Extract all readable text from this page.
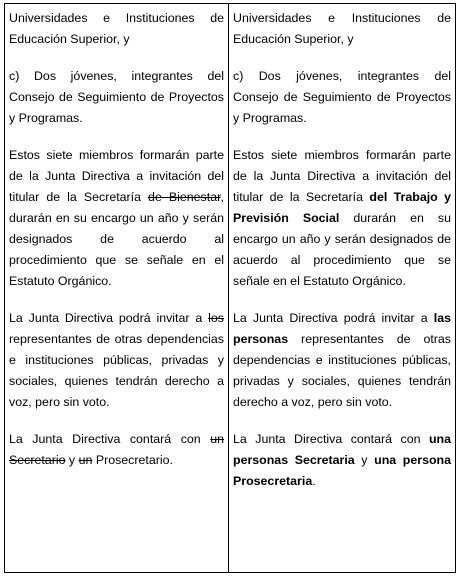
Universidades e Instituciones de Educación Superior, y

c) Dos jóvenes, integrantes del Consejo de Seguimiento de Proyectos y Programas.

Estos siete miembros formarán parte de la Junta Directiva a invitación del titular de la Secretaría de Bienestar, durarán en su encargo un año y serán designados de acuerdo al procedimiento que se señale en el Estatuto Orgánico.

La Junta Directiva podrá invitar a los representantes de otras dependencias e instituciones públicas, privadas y sociales, quienes tendrán derecho a voz, pero sin voto.

La Junta Directiva contará con un Secretario y un Prosecretario.

Universidades e Instituciones de Educación Superior, y

c) Dos jóvenes, integrantes del Consejo de Seguimiento de Proyectos y Programas.

Estos siete miembros formarán parte de la Junta Directiva a invitación del titular de la Secretaría del Trabajo y Previsión Social durarán en su encargo un año y serán designados de acuerdo al procedimiento que se señale en el Estatuto Orgánico.

La Junta Directiva podrá invitar a las personas representantes de otras dependencias e instituciones públicas, privadas y sociales, quienes tendrán derecho a voz, pero sin voto.

La Junta Directiva contará con una personas Secretaria y una persona Prosecretaria.
